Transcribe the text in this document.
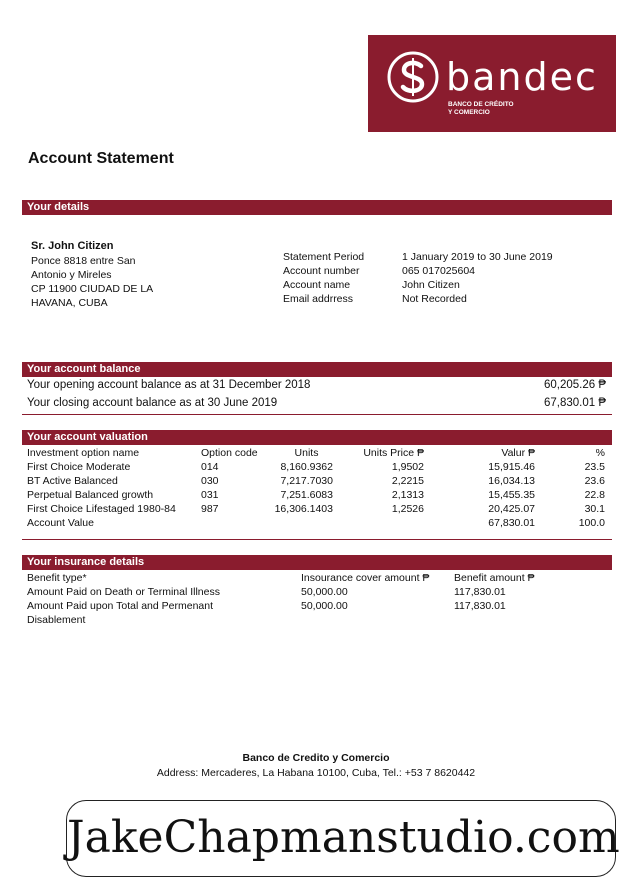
bandec
BANCO DE CRÉDITO
Y COMERCIO
Account Statement
Your details
Sr. John Citizen
Ponce 8818 entre San
Antonio y Mireles
CP 11900 CIUDAD DE LA
HAVANA, CUBA
Statement Period
Account number
Account name
Email addrress
1 January 2019 to 30 June 2019
065 017025604
John Citizen
Not Recorded
Your account balance
Your opening account balance as at 31 December 2018	60,205.26 ₱
Your closing account balance as at 30 June 2019	67,830.01 ₱
Your account valuation
Investment option name
First Choice Moderate
BT Active Balanced
Perpetual Balanced growth
First Choice Lifestaged 1980-84
Account Value
Option code
014
030
031
987
Units
8,160.9362
7,217.7030
7,251.6083
16,306.1403
Units Price ₱
1,9502
2,2215
2,1313
1,2526
Valur ₱
15,915.46
16,034.13
15,455.35
20,425.07
67,830.01
%
23.5
23.6
22.8
30.1
100.0
Your insurance details
Benefit type*
Amount Paid on Death or Terminal Illness
Amount Paid upon Total and Permenant
Disablement
Insourance cover amount ₱
50,000.00
50,000.00
Benefit amount ₱
117,830.01
117,830.01
Banco de Credito y Comercio
Address: Mercaderes, La Habana 10100, Cuba, Tel.: +53 7 8620442
JakeChapmanstudio.com
